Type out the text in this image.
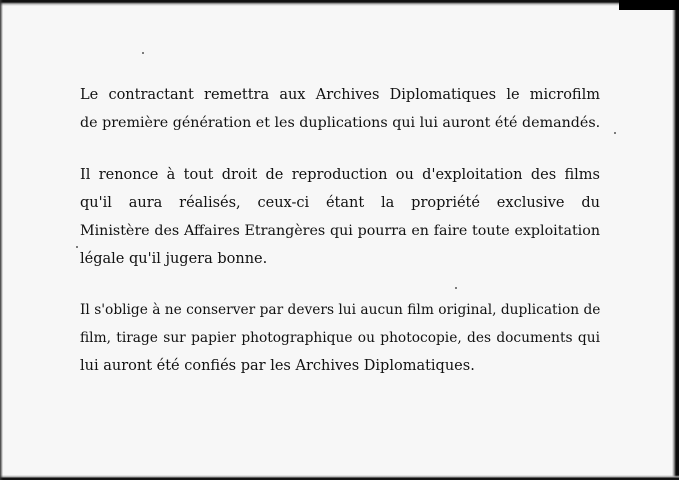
Le contractant remettra aux Archives Diplomatiques le microfilm
de première génération et les duplications qui lui auront été demandés.
Il renonce à tout droit de reproduction ou d'exploitation des films
qu'il aura réalisés, ceux-ci étant la propriété exclusive du
Ministère des Affaires Etrangères qui pourra en faire toute exploitation
légale qu'il jugera bonne.
Il s'oblige à ne conserver par devers lui aucun film original, duplication de
film, tirage sur papier photographique ou photocopie, des documents qui
lui auront été confiés par les Archives Diplomatiques.
